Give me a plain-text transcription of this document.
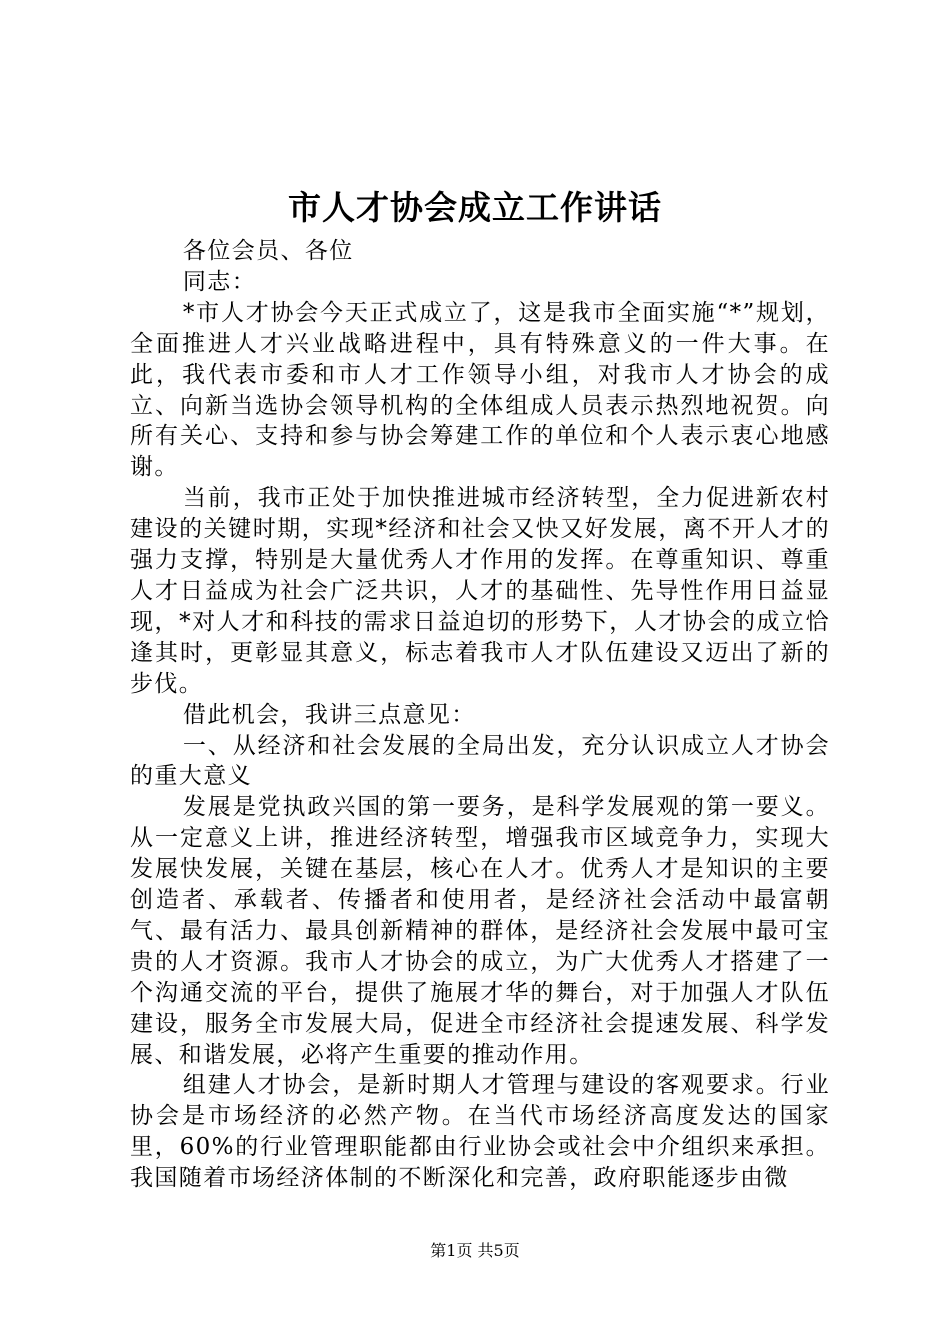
市人才协会成立工作讲话

各位会员、各位

同志：

*市人才协会今天正式成立了，这是我市全面实施“*”规划，全面推进人才兴业战略进程中，具有特殊意义的一件大事。在此，我代表市委和市人才工作领导小组，对我市人才协会的成立、向新当选协会领导机构的全体组成人员表示热烈地祝贺。向所有关心、支持和参与协会筹建工作的单位和个人表示衷心地感谢。

当前，我市正处于加快推进城市经济转型，全力促进新农村建设的关键时期，实现*经济和社会又快又好发展，离不开人才的强力支撑，特别是大量优秀人才作用的发挥。在尊重知识、尊重人才日益成为社会广泛共识，人才的基础性、先导性作用日益显现，*对人才和科技的需求日益迫切的形势下，人才协会的成立恰逢其时，更彰显其意义，标志着我市人才队伍建设又迈出了新的步伐。

借此机会，我讲三点意见：

一、从经济和社会发展的全局出发，充分认识成立人才协会的重大意义

发展是党执政兴国的第一要务，是科学发展观的第一要义。从一定意义上讲，推进经济转型，增强我市区域竞争力，实现大发展快发展，关键在基层，核心在人才。优秀人才是知识的主要创造者、承载者、传播者和使用者，是经济社会活动中最富朝气、最有活力、最具创新精神的群体，是经济社会发展中最可宝贵的人才资源。我市人才协会的成立，为广大优秀人才搭建了一个沟通交流的平台，提供了施展才华的舞台，对于加强人才队伍建设，服务全市发展大局，促进全市经济社会提速发展、科学发展、和谐发展，必将产生重要的推动作用。

组建人才协会，是新时期人才管理与建设的客观要求。行业协会是市场经济的必然产物。在当代市场经济高度发达的国家里，60%的行业管理职能都由行业协会或社会中介组织来承担。我国随着市场经济体制的不断深化和完善，政府职能逐步由微

第1页 共5页
